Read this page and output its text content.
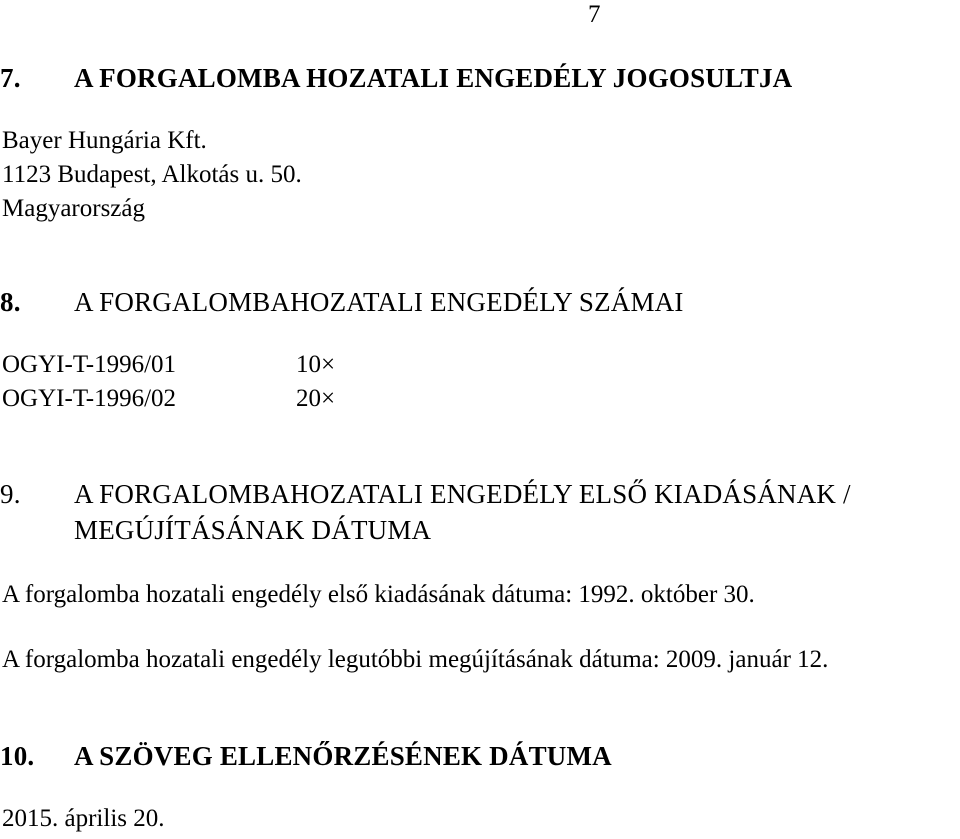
7
7. A FORGALOMBA HOZATALI ENGEDÉLY JOGOSULTJA
Bayer Hungária Kft.
1123 Budapest, Alkotás u. 50.
Magyarország
8. A FORGALOMBAHOZATALI ENGEDÉLY SZÁMAI
OGYI-T-1996/01	10×
OGYI-T-1996/02	20×
9. A FORGALOMBAHOZATALI ENGEDÉLY ELSŐ KIADÁSÁNAK /
MEGÚJÍTÁSÁNAK DÁTUMA
A forgalomba hozatali engedély első kiadásának dátuma: 1992. október 30.
A forgalomba hozatali engedély legutóbbi megújításának dátuma: 2009. január 12.
10. A SZÖVEG ELLENŐRZÉSÉNEK DÁTUMA
2015. április 20.
